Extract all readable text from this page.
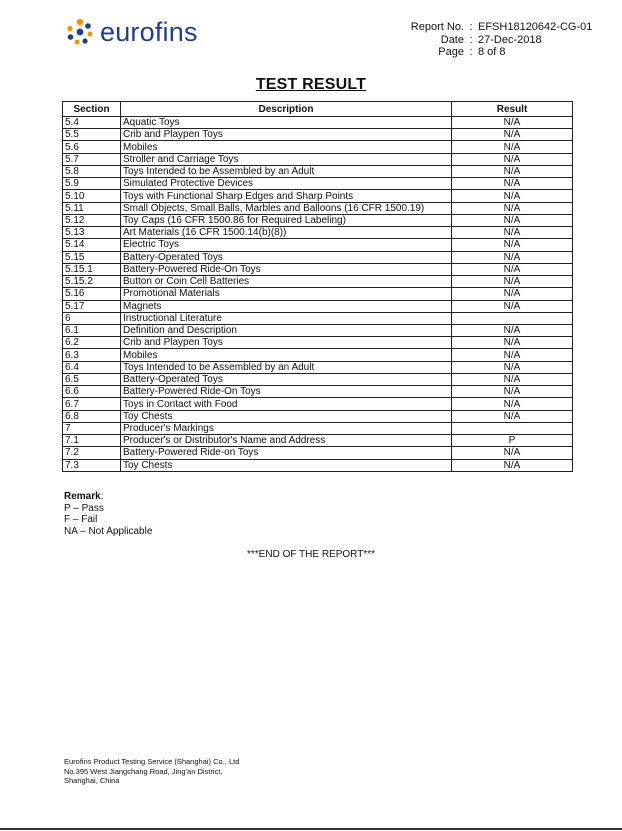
eurofins	Report No. : EFSH18120642-CG-01
Date : 27-Dec-2018
Page : 8 of 8
TEST RESULT
Section	Description	Result
5.4	Aquatic Toys	N/A
5.5	Crib and Playpen Toys	N/A
5.6	Mobiles	N/A
5.7	Stroller and Carriage Toys	N/A
5.8	Toys Intended to be Assembled by an Adult	N/A
5.9	Simulated Protective Devices	N/A
5.10	Toys with Functional Sharp Edges and Sharp Points	N/A
5.11	Small Objects, Small Balls, Marbles and Balloons (16 CFR 1500.19)	N/A
5.12	Toy Caps (16 CFR 1500.86 for Required Labeling)	N/A
5.13	Art Materials (16 CFR 1500.14(b)(8))	N/A
5.14	Electric Toys	N/A
5.15	Battery-Operated Toys	N/A
5.15.1	Battery-Powered Ride-On Toys	N/A
5.15.2	Button or Coin Cell Batteries	N/A
5.16	Promotional Materials	N/A
5.17	Magnets	N/A
6	Instructional Literature	
6.1	Definition and Description	N/A
6.2	Crib and Playpen Toys	N/A
6.3	Mobiles	N/A
6.4	Toys Intended to be Assembled by an Adult	N/A
6.5	Battery-Operated Toys	N/A
6.6	Battery-Powered Ride-On Toys	N/A
6.7	Toys in Contact with Food	N/A
6.8	Toy Chests	N/A
7	Producer's Markings	
7.1	Producer's or Distributor's Name and Address	P
7.2	Battery-Powered Ride-on Toys	N/A
7.3	Toy Chests	N/A
Remark:
P – Pass
F – Fail
NA – Not Applicable
***END OF THE REPORT***
Eurofins Product Testing Service (Shanghai) Co., Ltd
No.395 West Jiangchang Road, Jing'an District,
Shanghai, China
